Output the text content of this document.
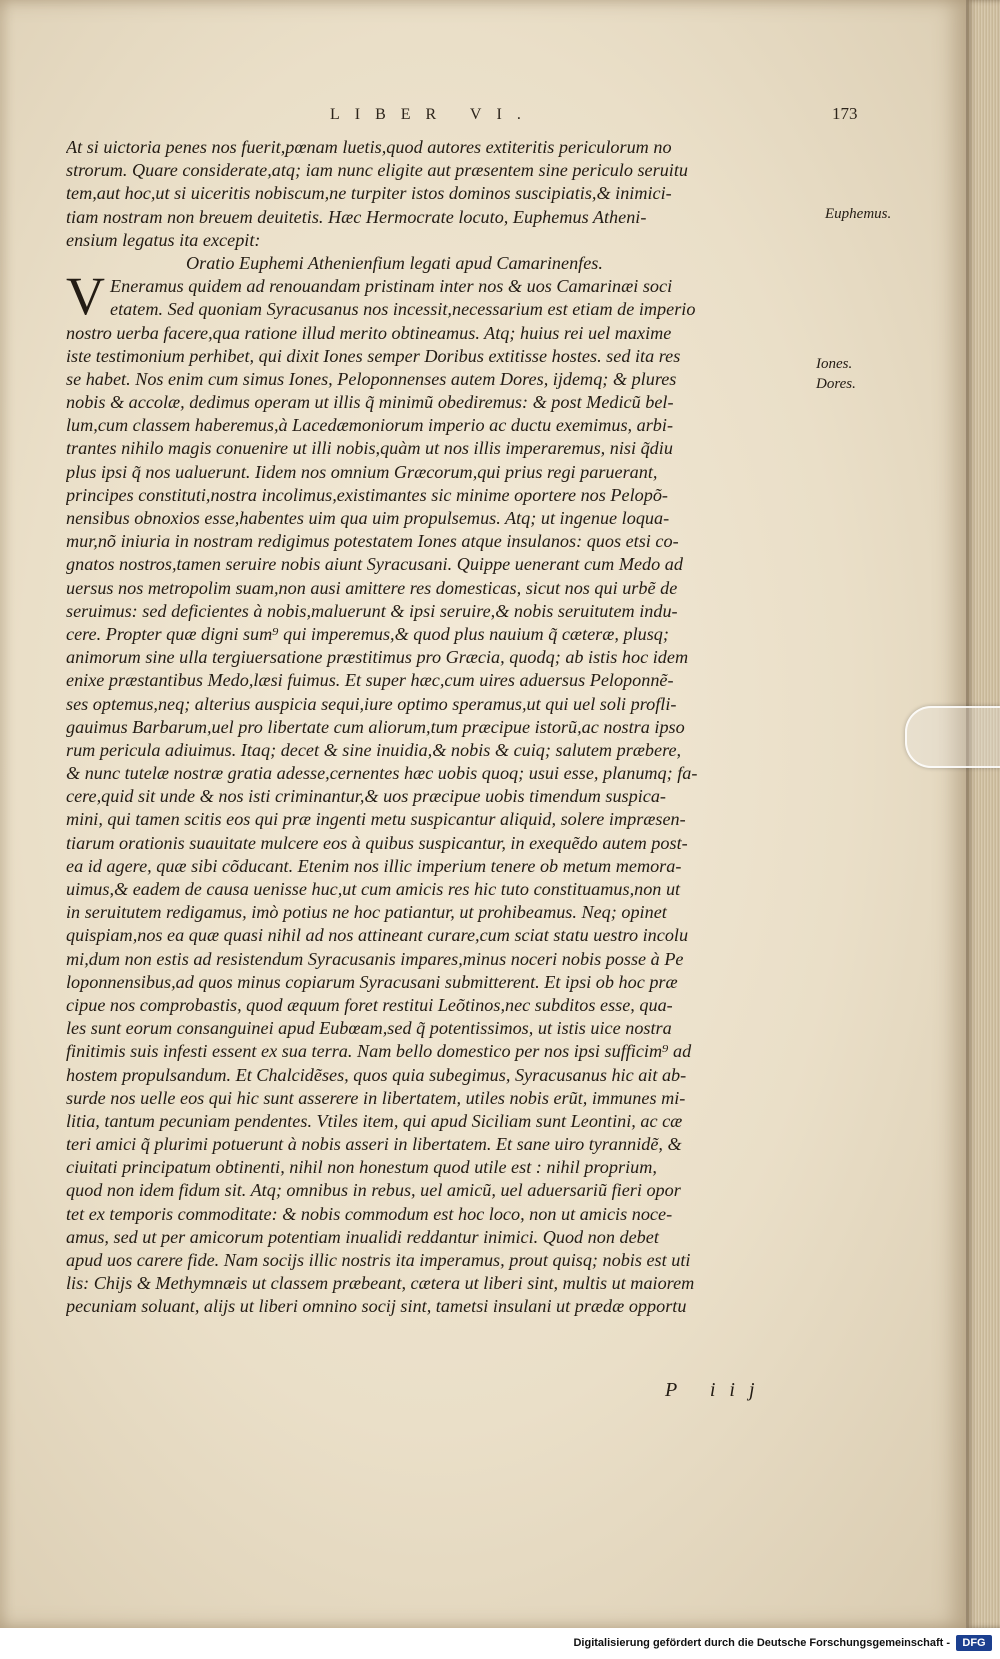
LIBER VI.	173
At si uictoria penes nos fuerit,pœnam luetis,quod autores extiteritis periculorum no
strorum. Quare considerate,atq; iam nunc eligite aut præsentem sine periculo seruitu
tem,aut hoc,ut si uiceritis nobiscum,ne turpiter istos dominos suscipiatis,& inimici-
tiam nostram non breuem deuitetis. Hæc Hermocrate locuto, Euphemus Atheni-
ensium legatus ita excepit:
Oratio Euphemi Athenienfium legati apud Camarinenfes.
V Eneramus quidem ad renouandam pristinam inter nos & uos Camarinæi soci
etatem. Sed quoniam Syracusanus nos incessit,necessarium est etiam de imperio
nostro uerba facere,qua ratione illud merito obtineamus. Atq; huius rei uel maxime
iste testimonium perhibet, qui dixit Iones semper Doribus extitisse hostes. sed ita res
se habet. Nos enim cum simus Iones, Peloponnenses autem Dores, ijdemq; & plures
nobis & accolæ, dedimus operam ut illis q̃ minimũ obediremus: & post Medicũ bel-
lum,cum classem haberemus,à Lacedæmoniorum imperio ac ductu exemimus, arbi-
trantes nihilo magis conuenire ut illi nobis,quàm ut nos illis imperaremus, nisi q̃diu
plus ipsi q̃ nos ualuerunt. Iidem nos omnium Græcorum,qui prius regi paruerant,
principes constituti,nostra incolimus,existimantes sic minime oportere nos Pelopõ-
nensibus obnoxios esse,habentes uim qua uim propulsemus. Atq; ut ingenue loqua-
mur,nõ iniuria in nostram redigimus potestatem Iones atque insulanos: quos etsi co-
gnatos nostros,tamen seruire nobis aiunt Syracusani. Quippe uenerant cum Medo ad
uersus nos metropolim suam,non ausi amittere res domesticas, sicut nos qui urbẽ de
seruimus: sed deficientes à nobis,maluerunt & ipsi seruire,& nobis seruitutem indu-
cere. Propter quæ digni sum⁹ qui imperemus,& quod plus nauium q̃ cæteræ, plusq;
animorum sine ulla tergiuersatione præstitimus pro Græcia, quodq; ab istis hoc idem
enixe præstantibus Medo,læsi fuimus. Et super hæc,cum uires aduersus Peloponnẽ-
ses optemus,neq; alterius auspicia sequi,iure optimo speramus,ut qui uel soli profli-
gauimus Barbarum,uel pro libertate cum aliorum,tum præcipue istorũ,ac nostra ipso
rum pericula adiuimus. Itaq; decet & sine inuidia,& nobis & cuiq; salutem præbere,
& nunc tutelæ nostræ gratia adesse,cernentes hæc uobis quoq; usui esse, planumq; fa-
cere,quid sit unde & nos isti criminantur,& uos præcipue uobis timendum suspica-
mini, qui tamen scitis eos qui præ ingenti metu suspicantur aliquid, solere impræsen-
tiarum orationis suauitate mulcere eos à quibus suspicantur, in exequẽdo autem post-
ea id agere, quæ sibi cõducant. Etenim nos illic imperium tenere ob metum memora-
uimus,& eadem de causa uenisse huc,ut cum amicis res hic tuto constituamus,non ut
in seruitutem redigamus, imò potius ne hoc patiantur, ut prohibeamus. Neq; opinet
quispiam,nos ea quæ quasi nihil ad nos attineant curare,cum sciat statu uestro incolu
mi,dum non estis ad resistendum Syracusanis impares,minus noceri nobis posse à Pe
loponnensibus,ad quos minus copiarum Syracusani submitterent. Et ipsi ob hoc præ
cipue nos comprobastis, quod æquum foret restitui Leõtinos,nec subditos esse, qua-
les sunt eorum consanguinei apud Eubœam,sed q̃ potentissimos, ut istis uice nostra
finitimis suis infesti essent ex sua terra. Nam bello domestico per nos ipsi sufficim⁹ ad
hostem propulsandum. Et Chalcidẽses, quos quia subegimus, Syracusanus hic ait ab-
surde nos uelle eos qui hic sunt asserere in libertatem, utiles nobis erũt, immunes mi-
litia, tantum pecuniam pendentes. Vtiles item, qui apud Siciliam sunt Leontini, ac cæ
teri amici q̃ plurimi potuerunt à nobis asseri in libertatem. Et sane uiro tyrannidẽ, &
ciuitati principatum obtinenti, nihil non honestum quod utile est : nihil proprium,
quod non idem fidum sit. Atq; omnibus in rebus, uel amicũ, uel aduersariũ fieri opor
tet ex temporis commoditate: & nobis commodum est hoc loco, non ut amicis noce-
amus, sed ut per amicorum potentiam inualidi reddantur inimici. Quod non debet
apud uos carere fide. Nam socijs illic nostris ita imperamus, prout quisq; nobis est uti
lis: Chijs & Methymnæis ut classem præbeant, cætera ut liberi sint, multis ut maiorem
pecuniam soluant, alijs ut liberi omnino socij sint, tametsi insulani ut prædæ opportu
Euphemus.
Iones.
Dores.
P iij
Digitalisierung gefördert durch die Deutsche Forschungsgemeinschaft -	DFG
